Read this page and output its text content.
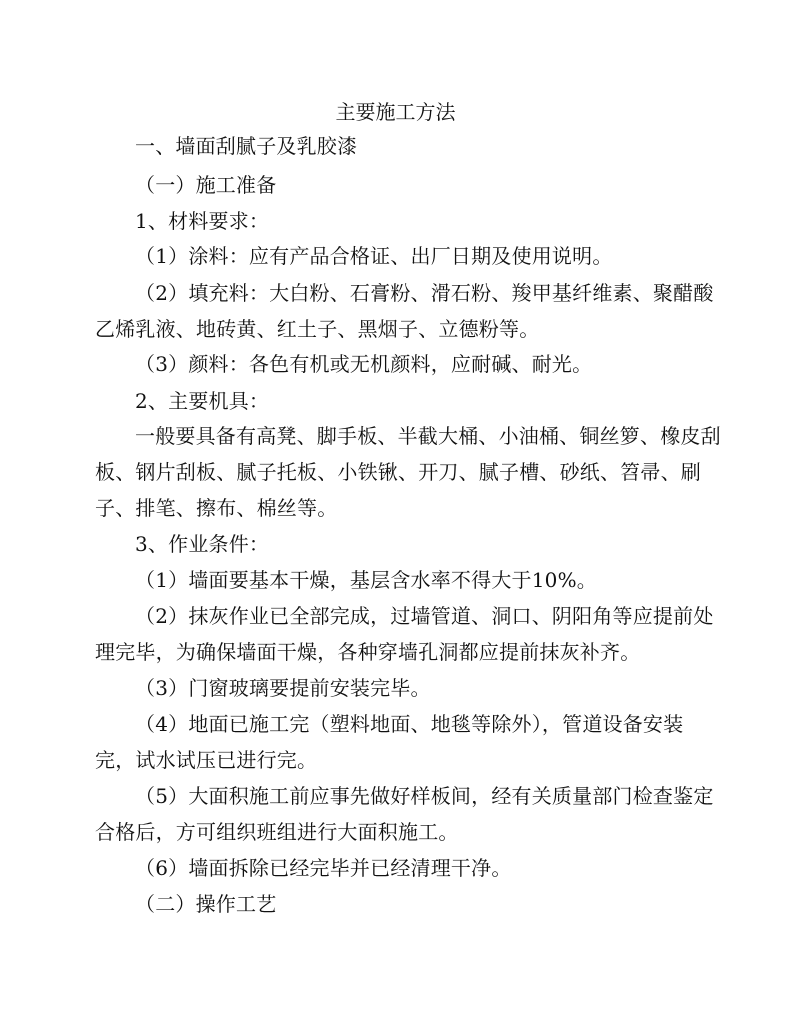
主要施工方法
一、墙面刮腻子及乳胶漆
（一）施工准备
1、材料要求：
（1）涂料：应有产品合格证、出厂日期及使用说明。
（2）填充料：大白粉、石膏粉、滑石粉、羧甲基纤维素、聚醋酸
乙烯乳液、地砖黄、红土子、黑烟子、立德粉等。
（3）颜料：各色有机或无机颜料，应耐碱、耐光。
2、主要机具：
一般要具备有高凳、脚手板、半截大桶、小油桶、铜丝箩、橡皮刮
板、钢片刮板、腻子托板、小铁锹、开刀、腻子槽、砂纸、笤帚、刷
子、排笔、擦布、棉丝等。
3、作业条件：
（1）墙面要基本干燥，基层含水率不得大于10%。
（2）抹灰作业已全部完成，过墙管道、洞口、阴阳角等应提前处
理完毕，为确保墙面干燥，各种穿墙孔洞都应提前抹灰补齐。
（3）门窗玻璃要提前安装完毕。
（4）地面已施工完（塑料地面、地毯等除外），管道设备安装
完，试水试压已进行完。
（5）大面积施工前应事先做好样板间，经有关质量部门检查鉴定
合格后，方可组织班组进行大面积施工。
（6）墙面拆除已经完毕并已经清理干净。
（二）操作工艺
